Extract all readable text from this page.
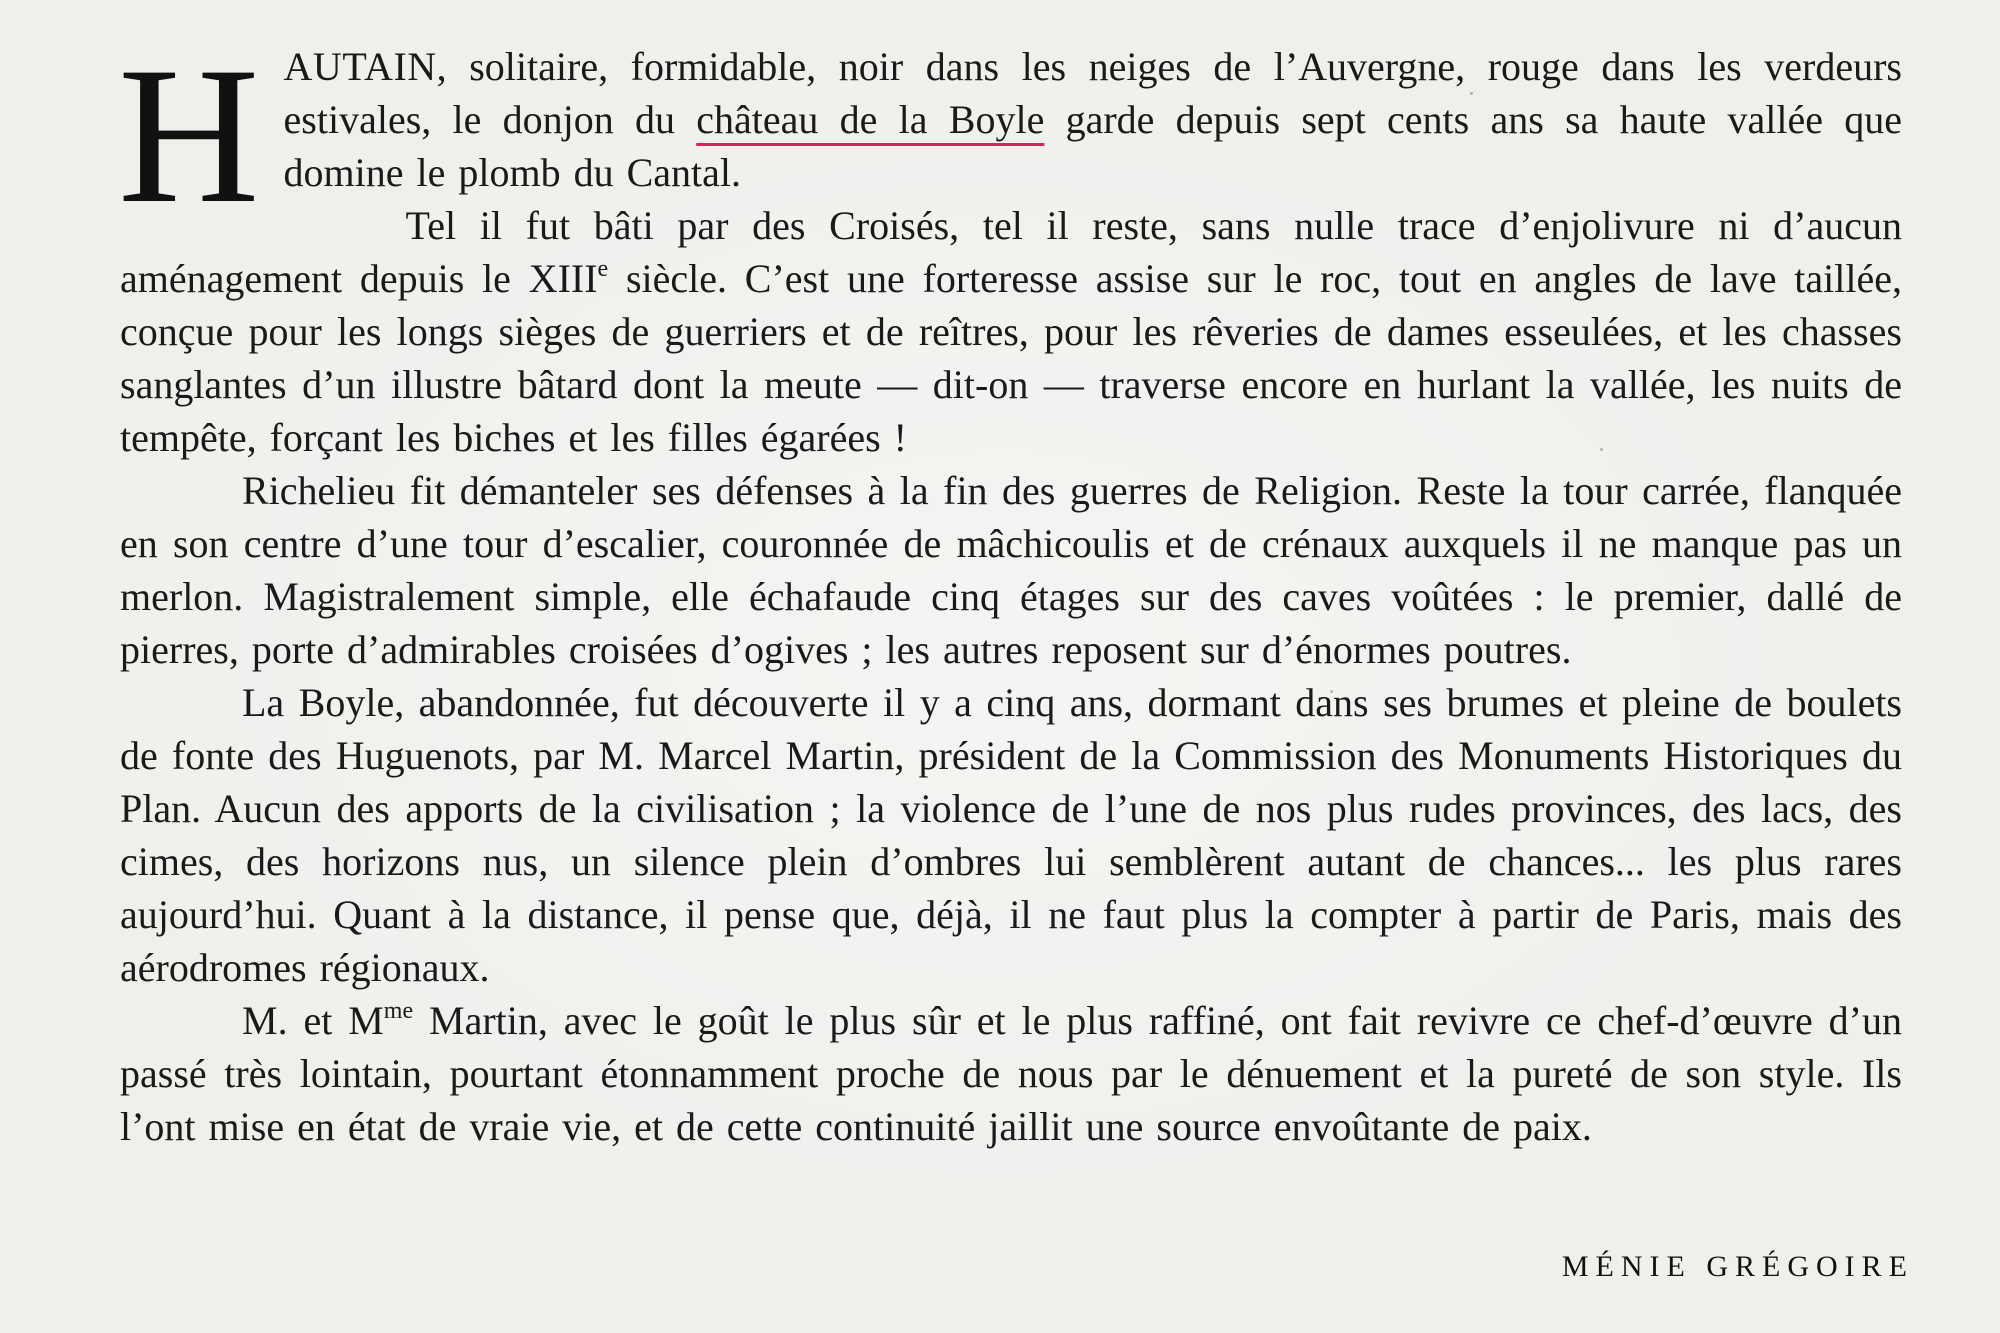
HAUTAIN, solitaire, formidable, noir dans les neiges de l’Auvergne, rouge dans les verdeurs estivales, le donjon du château de la Boyle garde depuis sept cents ans sa haute vallée que domine le plomb du Cantal.

Tel il fut bâti par des Croisés, tel il reste, sans nulle trace d’enjolivure ni d’aucun aménagement depuis le XIIIe siècle. C’est une forteresse assise sur le roc, tout en angles de lave taillée, conçue pour les longs sièges de guerriers et de reîtres, pour les rêveries de dames esseulées, et les chasses sanglantes d’un illustre bâtard dont la meute — dit-on — traverse encore en hurlant la vallée, les nuits de tempête, forçant les biches et les filles égarées !

Richelieu fit démanteler ses défenses à la fin des guerres de Religion. Reste la tour carrée, flanquée en son centre d’une tour d’escalier, couronnée de mâchicoulis et de crénaux auxquels il ne manque pas un merlon. Magistralement simple, elle échafaude cinq étages sur des caves voûtées : le premier, dallé de pierres, porte d’admirables croisées d’ogives ; les autres reposent sur d’énormes poutres.

La Boyle, abandonnée, fut découverte il y a cinq ans, dormant dans ses brumes et pleine de boulets de fonte des Huguenots, par M. Marcel Martin, président de la Commission des Monuments Historiques du Plan. Aucun des apports de la civilisation ; la violence de l’une de nos plus rudes provinces, des lacs, des cimes, des horizons nus, un silence plein d’ombres lui semblèrent autant de chances... les plus rares aujourd’hui. Quant à la distance, il pense que, déjà, il ne faut plus la compter à partir de Paris, mais des aérodromes régionaux.

M. et $M^{me}$ Martin, avec le goût le plus sûr et le plus raffiné, ont fait revivre ce chef-d’œuvre d’un passé très lointain, pourtant étonnamment proche de nous par le dénuement et la pureté de son style. Ils l’ont mise en état de vraie vie, et de cette continuité jaillit une source envoûtante de paix.

MÉNIE GRÉGOIRE
